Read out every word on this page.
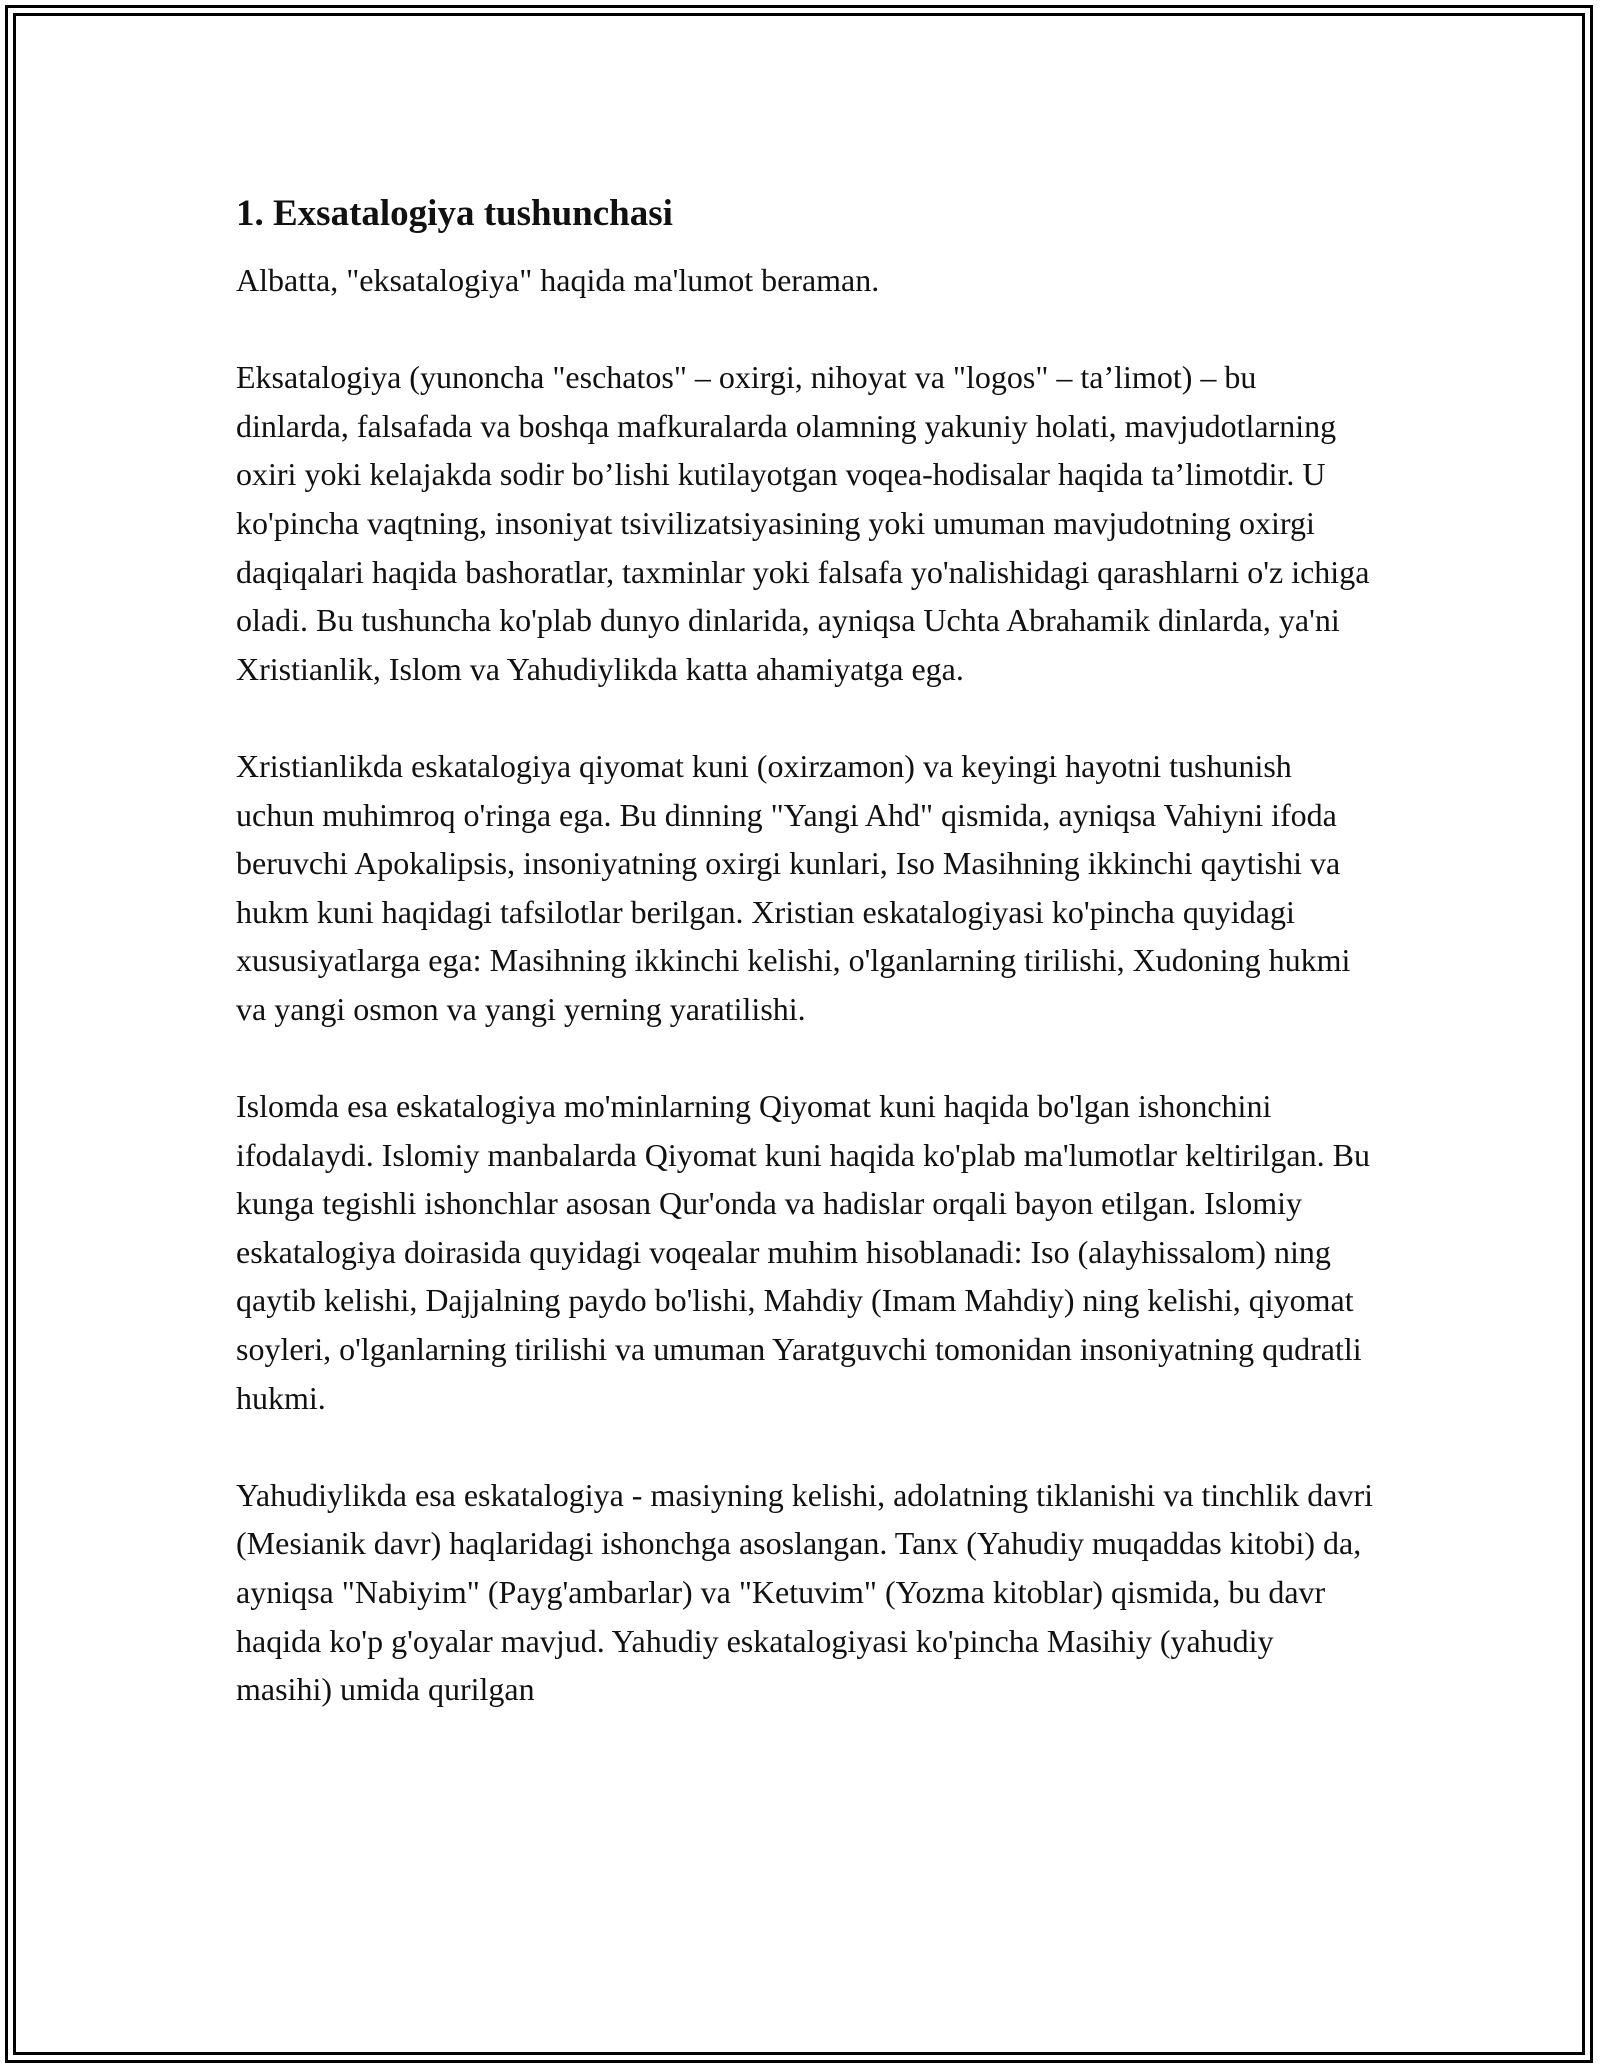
1. Exsatalogiya tushunchasi

Albatta, "eksatalogiya" haqida ma'lumot beraman.

Eksatalogiya (yunoncha "eschatos" – oxirgi, nihoyat va "logos" – ta’limot) – bu dinlarda, falsafada va boshqa mafkuralarda olamning yakuniy holati, mavjudotlarning oxiri yoki kelajakda sodir bo’lishi kutilayotgan voqea-hodisalar haqida ta’limotdir. U ko'pincha vaqtning, insoniyat tsivilizatsiyasining yoki umuman mavjudotning oxirgi daqiqalari haqida bashoratlar, taxminlar yoki falsafa yo'nalishidagi qarashlarni o'z ichiga oladi. Bu tushuncha ko'plab dunyo dinlarida, ayniqsa Uchta Abrahamik dinlarda, ya'ni Xristianlik, Islom va Yahudiylikda katta ahamiyatga ega.

Xristianlikda eskatalogiya qiyomat kuni (oxirzamon) va keyingi hayotni tushunish uchun muhimroq o'ringa ega. Bu dinning "Yangi Ahd" qismida, ayniqsa Vahiyni ifoda beruvchi Apokalipsis, insoniyatning oxirgi kunlari, Iso Masihning ikkinchi qaytishi va hukm kuni haqidagi tafsilotlar berilgan. Xristian eskatalogiyasi ko'pincha quyidagi xususiyatlarga ega: Masihning ikkinchi kelishi, o'lganlarning tirilishi, Xudoning hukmi va yangi osmon va yangi yerning yaratilishi.

Islomda esa eskatalogiya mo'minlarning Qiyomat kuni haqida bo'lgan ishonchini ifodalaydi. Islomiy manbalarda Qiyomat kuni haqida ko'plab ma'lumotlar keltirilgan. Bu kunga tegishli ishonchlar asosan Qur'onda va hadislar orqali bayon etilgan. Islomiy eskatalogiya doirasida quyidagi voqealar muhim hisoblanadi: Iso (alayhissalom) ning qaytib kelishi, Dajjalning paydo bo'lishi, Mahdiy (Imam Mahdiy) ning kelishi, qiyomat soyleri, o'lganlarning tirilishi va umuman Yaratguvchi tomonidan insoniyatning qudratli hukmi.

Yahudiylikda esa eskatalogiya - masiyning kelishi, adolatning tiklanishi va tinchlik davri (Mesianik davr) haqlaridagi ishonchga asoslangan. Tanx (Yahudiy muqaddas kitobi) da, ayniqsa "Nabiyim" (Payg'ambarlar) va "Ketuvim" (Yozma kitoblar) qismida, bu davr haqida ko'p g'oyalar mavjud. Yahudiy eskatalogiyasi ko'pincha Masihiy (yahudiy masihi) umida qurilgan
